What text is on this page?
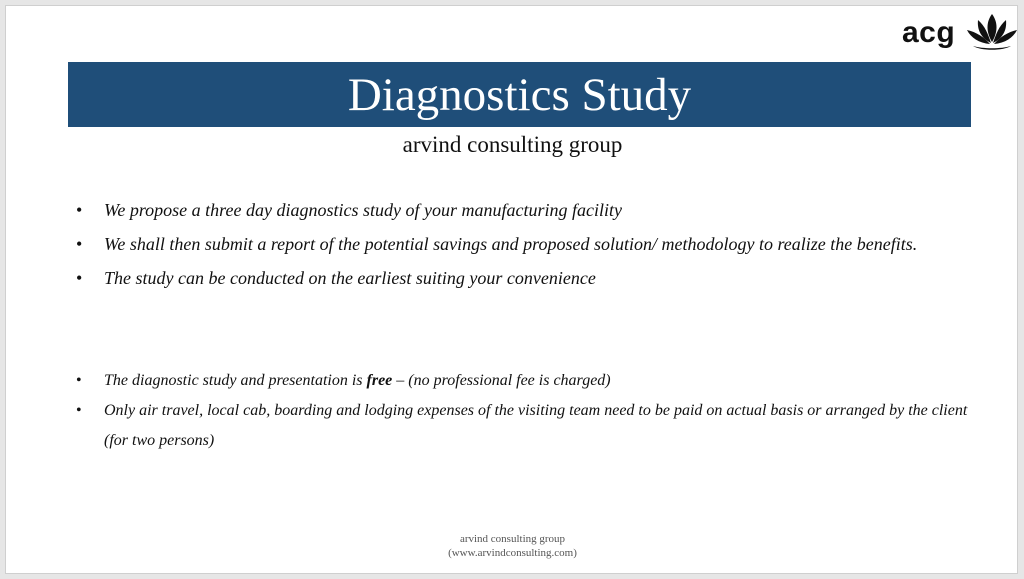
acg
Diagnostics Study
arvind consulting group
• We propose a three day diagnostics study of your manufacturing facility
• We shall then submit a report of the potential savings and proposed solution/ methodology to realize the benefits.
• The study can be conducted on the earliest suiting your convenience
• The diagnostic study and presentation is free – (no professional fee is charged)
• Only air travel, local cab, boarding and lodging expenses of the visiting team need to be paid on actual basis or arranged by the client (for two persons)
arvind consulting group
(www.arvindconsulting.com)
